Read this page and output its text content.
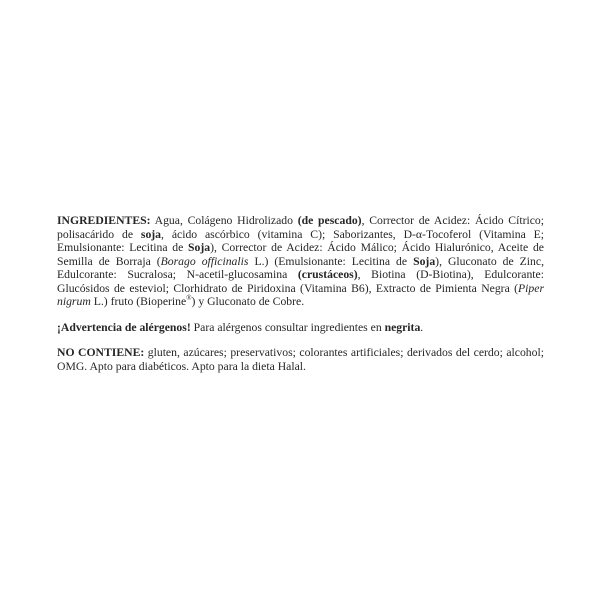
INGREDIENTES: Agua, Colágeno Hidrolizado (de pescado), Corrector de Acidez: Ácido Cítrico; polisacárido de soja, ácido ascórbico (vitamina C); Saborizantes, D-α-Tocoferol (Vitamina E; Emulsionante: Lecitina de Soja), Corrector de Acidez: Ácido Málico; Ácido Hialurónico, Aceite de Semilla de Borraja (Borago officinalis L.) (Emulsionante: Lecitina de Soja), Gluconato de Zinc, Edulcorante: Sucralosa; N-acetil-glucosamina (crustáceos), Biotina (D-Biotina), Edulcorante: Glucósidos de esteviol; Clorhidrato de Piridoxina (Vitamina B6), Extracto de Pimienta Negra (Piper nigrum L.) fruto (Bioperine®) y Gluconato de Cobre.

¡Advertencia de alérgenos! Para alérgenos consultar ingredientes en negrita.

NO CONTIENE: gluten, azúcares; preservativos; colorantes artificiales; derivados del cerdo; alcohol; OMG. Apto para diabéticos. Apto para la dieta Halal.
